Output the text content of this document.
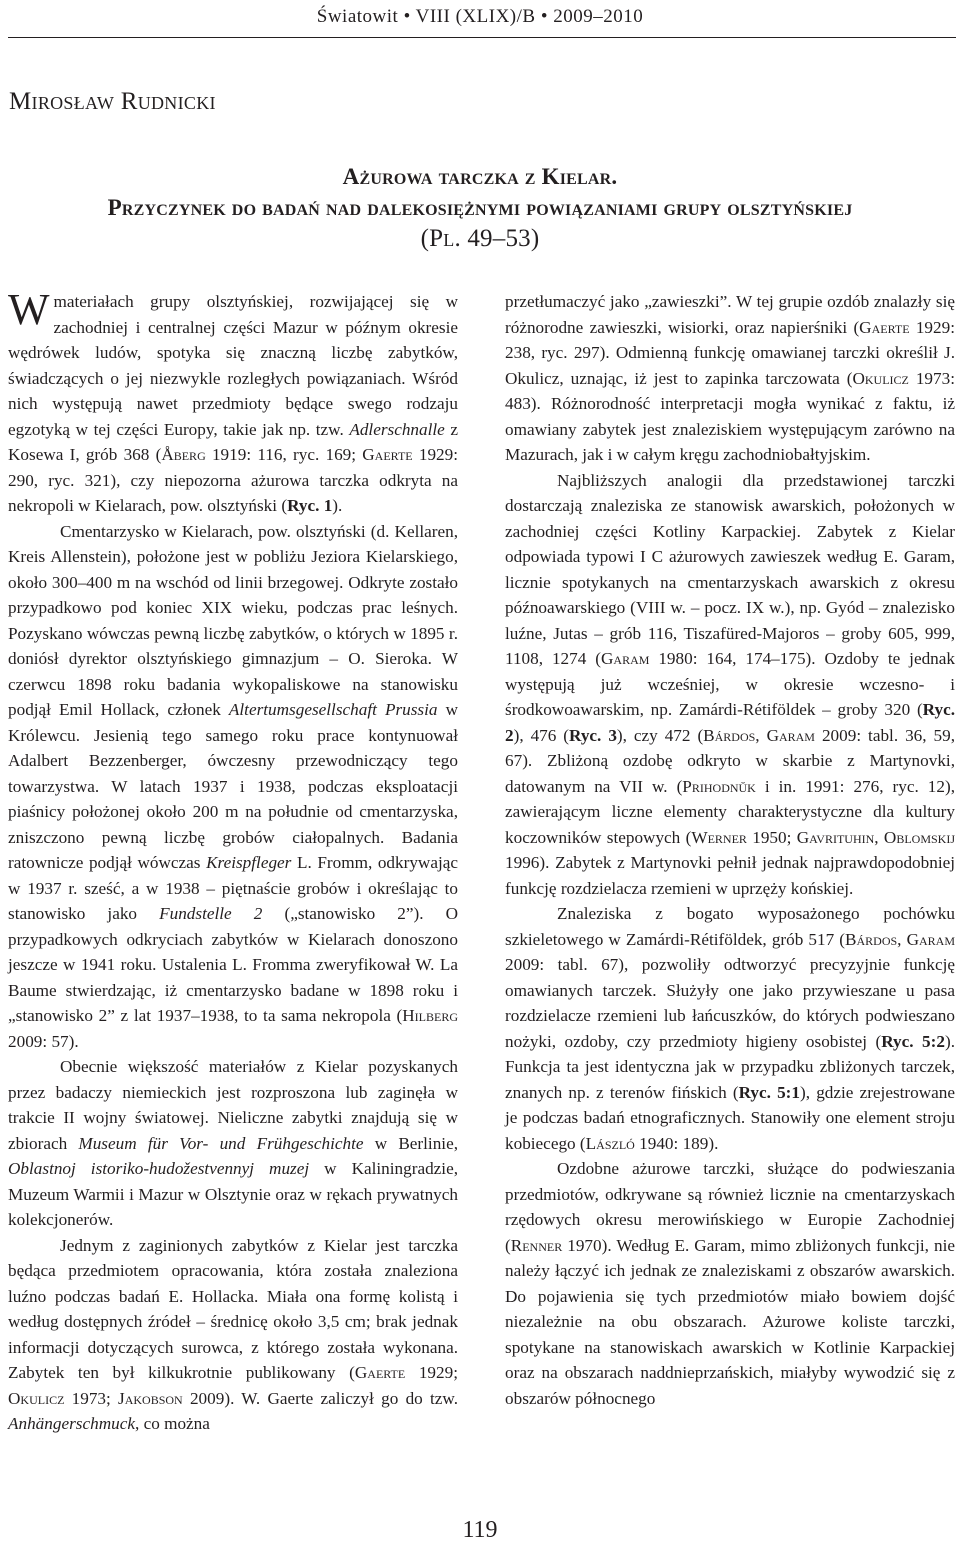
Światowit • VIII (XLIX)/B • 2009–2010
Mirosław Rudnicki
Ażurowa tarczka z Kielar.
Przyczynek do badań nad dalekosiężnymi powiązaniami grupy olsztyńskiej
(Pl. 49–53)

W materiałach grupy olsztyńskiej, rozwijającej się w zachodniej i centralnej części Mazur w późnym okresie wędrówek ludów, spotyka się znaczną liczbę zabytków, świadczących o jej niezwykle rozległych powiązaniach. Wśród nich występują nawet przedmioty będące swego rodzaju egzotyką w tej części Europy, takie jak np. tzw. Adlerschnalle z Kosewa I, grób 368 (Åberg 1919: 116, ryc. 169; Gaerte 1929: 290, ryc. 321), czy niepozorna ażurowa tarczka odkryta na nekropoli w Kielarach, pow. olsztyński (Ryc. 1).

Cmentarzysko w Kielarach, pow. olsztyński (d. Kellaren, Kreis Allenstein), położone jest w pobliżu Jeziora Kielarskiego, około 300–400 m na wschód od linii brzegowej. Odkryte zostało przypadkowo pod koniec XIX wieku, podczas prac leśnych. Pozyskano wówczas pewną liczbę zabytków, o których w 1895 r. doniósł dyrektor olsztyńskiego gimnazjum – O. Sieroka. W czerwcu 1898 roku badania wykopaliskowe na stanowisku podjął Emil Hollack, członek Altertumsgesellschaft Prussia w Królewcu. Jesienią tego samego roku prace kontynuował Adalbert Bezzenberger, ówczesny przewodniczący tego towarzystwa. W latach 1937 i 1938, podczas eksploatacji piaśnicy położonej około 200 m na południe od cmentarzyska, zniszczono pewną liczbę grobów ciałopalnych. Badania ratownicze podjął wówczas Kreispfleger L. Fromm, odkrywając w 1937 r. sześć, a w 1938 – piętnaście grobów i określając to stanowisko jako Fundstelle 2 („stanowisko 2”). O przypadkowych odkryciach zabytków w Kielarach donoszono jeszcze w 1941 roku. Ustalenia L. Fromma zweryfikował W. La Baume stwierdzając, iż cmentarzysko badane w 1898 roku i „stanowisko 2” z lat 1937–1938, to ta sama nekropola (Hilberg 2009: 57).

Obecnie większość materiałów z Kielar pozyskanych przez badaczy niemieckich jest rozproszona lub zaginęła w trakcie II wojny światowej. Nieliczne zabytki znajdują się w zbiorach Museum für Vor- und Frühgeschichte w Berlinie, Oblastnoj istoriko-hudožestvennyj muzej w Kaliningradzie, Muzeum Warmii i Mazur w Olsztynie oraz w rękach prywatnych kolekcjonerów.

Jednym z zaginionych zabytków z Kielar jest tarczka będąca przedmiotem opracowania, która została znaleziona luźno podczas badań E. Hollacka. Miała ona formę kolistą i według dostępnych źródeł – średnicę około 3,5 cm; brak jednak informacji dotyczących surowca, z którego została wykonana. Zabytek ten był kilkukrotnie publikowany (Gaerte 1929; Okulicz 1973; Jakobson 2009). W. Gaerte zaliczył go do tzw. Anhängerschmuck, co można

przetłumaczyć jako „zawieszki”. W tej grupie ozdób znalazły się różnorodne zawieszki, wisiorki, oraz napierśniki (Gaerte 1929: 238, ryc. 297). Odmienną funkcję omawianej tarczki określił J. Okulicz, uznając, iż jest to zapinka tarczowata (Okulicz 1973: 483). Różnorodność interpretacji mogła wynikać z faktu, iż omawiany zabytek jest znaleziskiem występującym zarówno na Mazurach, jak i w całym kręgu zachodniobałtyjskim.

Najbliższych analogii dla przedstawionej tarczki dostarczają znaleziska ze stanowisk awarskich, położonych w zachodniej części Kotliny Karpackiej. Zabytek z Kielar odpowiada typowi I C ażurowych zawieszek według E. Garam, licznie spotykanych na cmentarzyskach awarskich z okresu późnoawarskiego (VIII w. – pocz. IX w.), np. Gyód – znalezisko luźne, Jutas – grób 116, Tiszafüred-Majoros – groby 605, 999, 1108, 1274 (Garam 1980: 164, 174–175). Ozdoby te jednak występują już wcześniej, w okresie wczesno- i środkowoawarskim, np. Zamárdi-Rétiföldek – groby 320 (Ryc. 2), 476 (Ryc. 3), czy 472 (Bárdos, Garam 2009: tabl. 36, 59, 67). Zbliżoną ozdobę odkryto w skarbie z Martynovki, datowanym na VII w. (Prihodnŭk i in. 1991: 276, ryc. 12), zawierającym liczne elementy charakterystyczne dla kultury koczowników stepowych (Werner 1950; Gavrituhin, Oblomskij 1996). Zabytek z Martynovki pełnił jednak najprawdopodobniej funkcję rozdzielacza rzemieni w uprzęży końskiej.

Znaleziska z bogato wyposażonego pochówku szkieletowego w Zamárdi-Rétiföldek, grób 517 (Bárdos, Garam 2009: tabl. 67), pozwoliły odtworzyć precyzyjnie funkcję omawianych tarczek. Służyły one jako przywieszane u pasa rozdzielacze rzemieni lub łańcuszków, do których podwieszano nożyki, ozdoby, czy przedmioty higieny osobistej (Ryc. 5:2). Funkcja ta jest identyczna jak w przypadku zbliżonych tarczek, znanych np. z terenów fińskich (Ryc. 5:1), gdzie zrejestrowane je podczas badań etnograficznych. Stanowiły one element stroju kobiecego (László 1940: 189).

Ozdobne ażurowe tarczki, służące do podwieszania przedmiotów, odkrywane są również licznie na cmentarzyskach rzędowych okresu merowińskiego w Europie Zachodniej (Renner 1970). Według E. Garam, mimo zbliżonych funkcji, nie należy łączyć ich jednak ze znaleziskami z obszarów awarskich. Do pojawienia się tych przedmiotów miało bowiem dojść niezależnie na obu obszarach. Ażurowe koliste tarczki, spotykane na stanowiskach awarskich w Kotlinie Karpackiej oraz na obszarach naddnieprzańskich, miałyby wywodzić się z obszarów północnego

119
